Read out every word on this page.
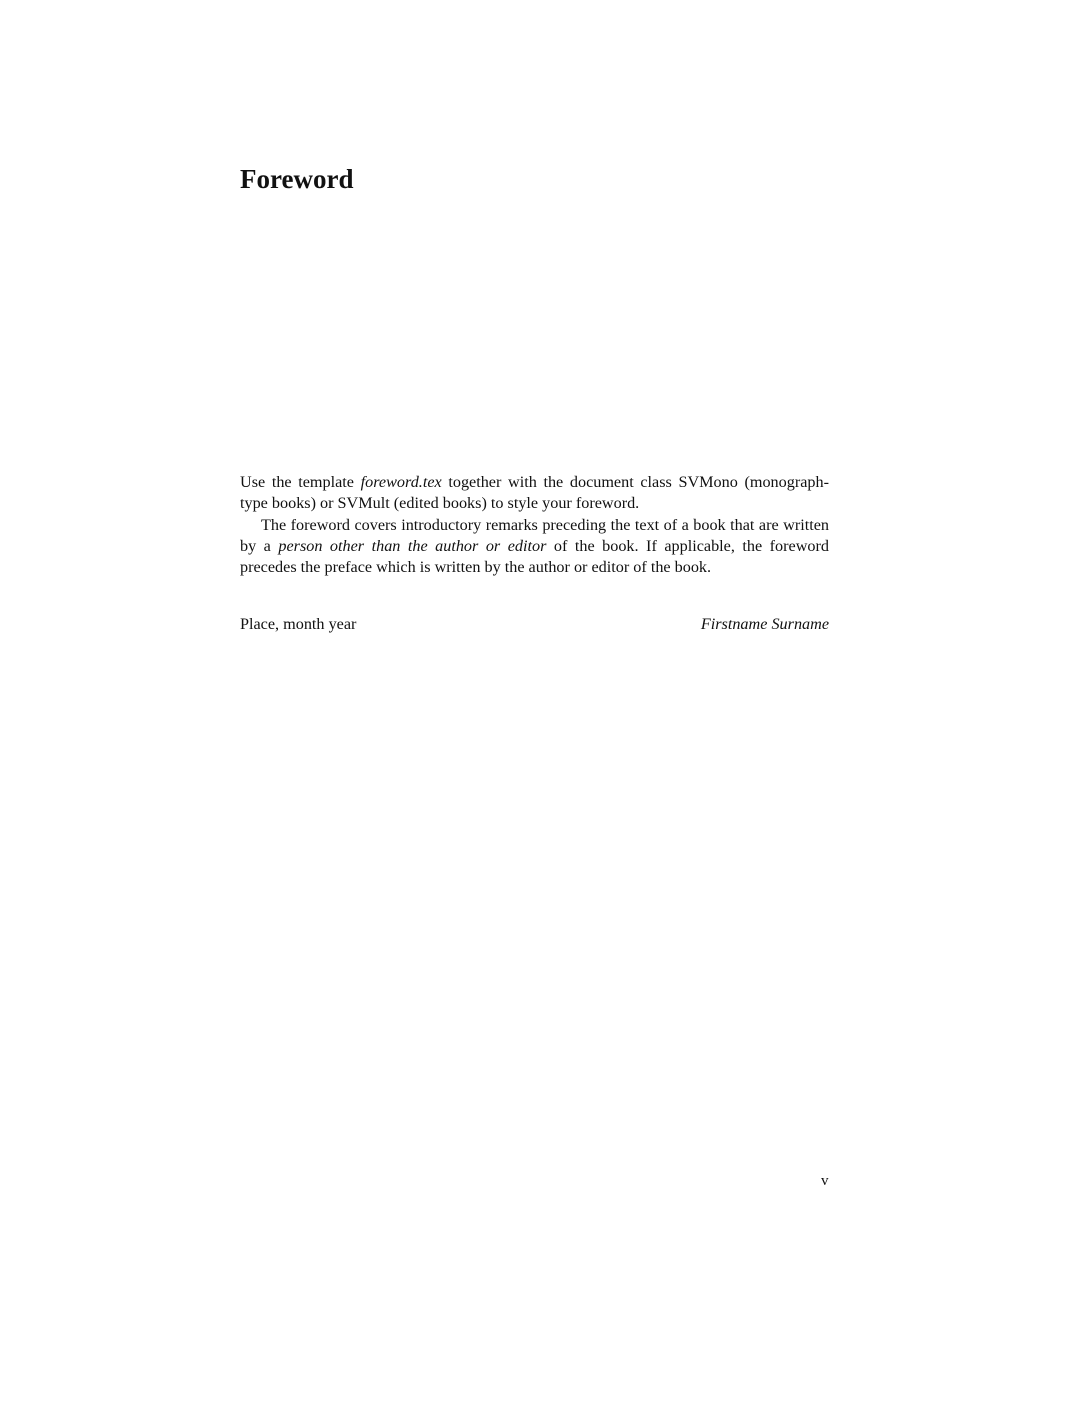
Foreword

Use the template foreword.tex together with the document class SVMono (monograph-type books) or SVMult (edited books) to style your foreword.

The foreword covers introductory remarks preceding the text of a book that are written by a person other than the author or editor of the book. If applicable, the foreword precedes the preface which is written by the author or editor of the book.

Place, month year	Firstname Surname
v
